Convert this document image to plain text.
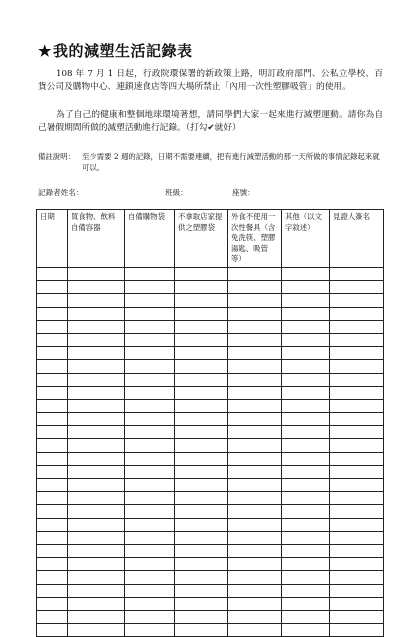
★我的減塑生活記錄表
108 年 7 月 1 日起，行政院環保署的新政策上路，明訂政府部門、公私立學校、百貨公司及購物中心、連鎖速食店等四大場所禁止「內用一次性塑膠吸管」的使用。
為了自己的健康和整個地球環境著想，請同學們大家一起來進行減塑運動。請你為自己暑假期間所做的減塑活動進行記錄。（打勾✔就好）
備註說明： 至少需要 2 週的記錄，日期不需要連續，把有進行減塑活動的那一天所做的事情記錄起來就可以。
記錄者姓名：	班級：	座號：
日期	買食物、飲料自備容器	自備購物袋	不拿取店家提供之塑膠袋	外食不使用一次性餐具（含免洗筷、塑膠湯匙、吸管等）	其他（以文字敘述）	見證人簽名
